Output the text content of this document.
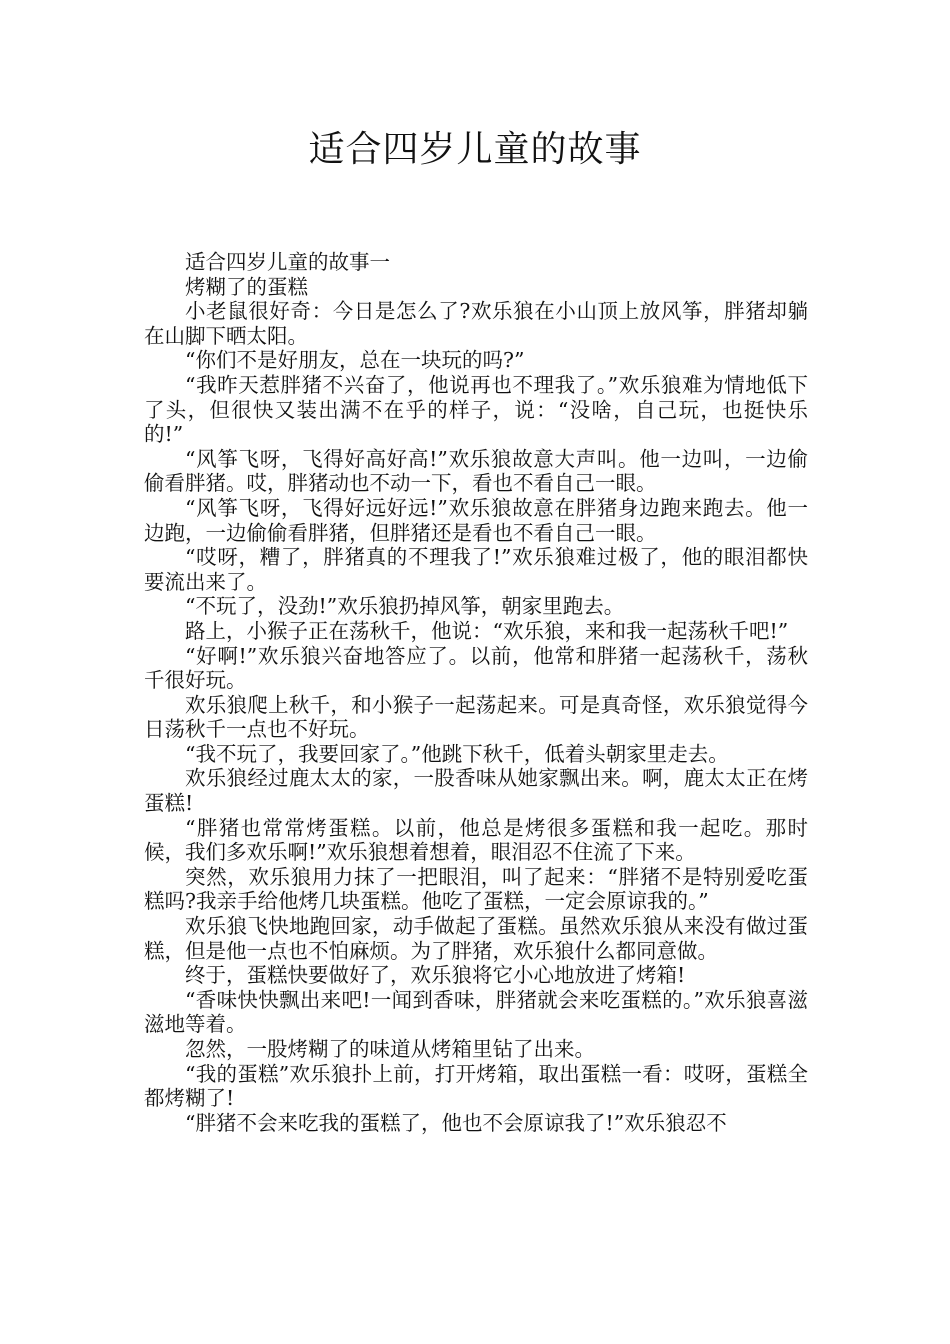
适合四岁儿童的故事

适合四岁儿童的故事一

烤糊了的蛋糕

小老鼠很好奇：今日是怎么了?欢乐狼在小山顶上放风筝，胖猪却躺在山脚下晒太阳。

“你们不是好朋友，总在一块玩的吗?”

“我昨天惹胖猪不兴奋了，他说再也不理我了。”欢乐狼难为情地低下了头，但很快又装出满不在乎的样子，说：“没啥，自己玩，也挺快乐的!”

“风筝飞呀，飞得好高好高!”欢乐狼故意大声叫。他一边叫，一边偷偷看胖猪。哎，胖猪动也不动一下，看也不看自己一眼。

“风筝飞呀，飞得好远好远!”欢乐狼故意在胖猪身边跑来跑去。他一边跑，一边偷偷看胖猪，但胖猪还是看也不看自己一眼。

“哎呀，糟了，胖猪真的不理我了!”欢乐狼难过极了，他的眼泪都快要流出来了。

“不玩了，没劲!”欢乐狼扔掉风筝，朝家里跑去。

路上，小猴子正在荡秋千，他说：“欢乐狼，来和我一起荡秋千吧!”

“好啊!”欢乐狼兴奋地答应了。以前，他常和胖猪一起荡秋千，荡秋千很好玩。

欢乐狼爬上秋千，和小猴子一起荡起来。可是真奇怪，欢乐狼觉得今日荡秋千一点也不好玩。

“我不玩了，我要回家了。”他跳下秋千，低着头朝家里走去。

欢乐狼经过鹿太太的家，一股香味从她家飘出来。啊，鹿太太正在烤蛋糕!

“胖猪也常常烤蛋糕。以前，他总是烤很多蛋糕和我一起吃。那时候，我们多欢乐啊!”欢乐狼想着想着，眼泪忍不住流了下来。

突然，欢乐狼用力抹了一把眼泪，叫了起来：“胖猪不是特别爱吃蛋糕吗?我亲手给他烤几块蛋糕。他吃了蛋糕，一定会原谅我的。”

欢乐狼飞快地跑回家，动手做起了蛋糕。虽然欢乐狼从来没有做过蛋糕，但是他一点也不怕麻烦。为了胖猪，欢乐狼什么都同意做。

终于，蛋糕快要做好了，欢乐狼将它小心地放进了烤箱!

“香味快快飘出来吧!一闻到香味，胖猪就会来吃蛋糕的。”欢乐狼喜滋滋地等着。

忽然，一股烤糊了的味道从烤箱里钻了出来。

“我的蛋糕”欢乐狼扑上前，打开烤箱，取出蛋糕一看：哎呀，蛋糕全都烤糊了!

“胖猪不会来吃我的蛋糕了，他也不会原谅我了!”欢乐狼忍不
